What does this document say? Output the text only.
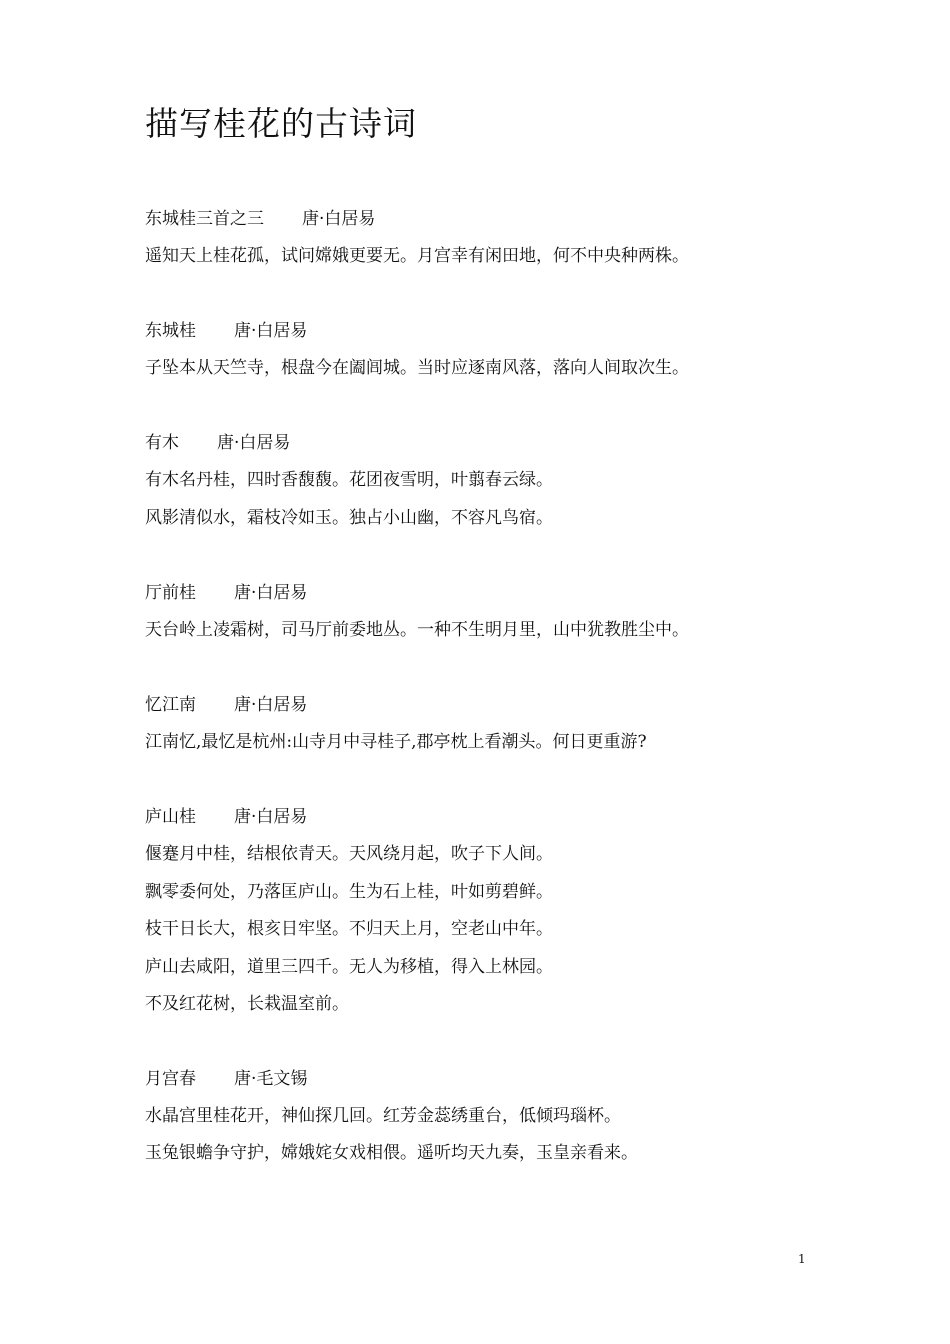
描写桂花的古诗词
东城桂三首之三 唐·白居易
遥知天上桂花孤，试问嫦娥更要无。月宫幸有闲田地，何不中央种两株。
东城桂 唐·白居易
子坠本从天竺寺，根盘今在阖闾城。当时应逐南风落，落向人间取次生。
有木 唐·白居易
有木名丹桂，四时香馥馥。花团夜雪明，叶翦春云绿。
风影清似水，霜枝冷如玉。独占小山幽，不容凡鸟宿。
厅前桂 唐·白居易
天台岭上凌霜树，司马厅前委地丛。一种不生明月里，山中犹教胜尘中。
忆江南 唐·白居易
江南忆,最忆是杭州:山寺月中寻桂子,郡亭枕上看潮头。何日更重游?
庐山桂 唐·白居易
偃蹇月中桂，结根依青天。天风绕月起，吹子下人间。
飘零委何处，乃落匡庐山。生为石上桂，叶如剪碧鲜。
枝干日长大，根亥日牢坚。不归天上月，空老山中年。
庐山去咸阳，道里三四千。无人为移植，得入上林园。
不及红花树，长栽温室前。
月宫春 唐·毛文锡
水晶宫里桂花开，神仙探几回。红芳金蕊绣重台，低倾玛瑙杯。
玉兔银蟾争守护，嫦娥姹女戏相偎。遥听均天九奏，玉皇亲看来。
1
